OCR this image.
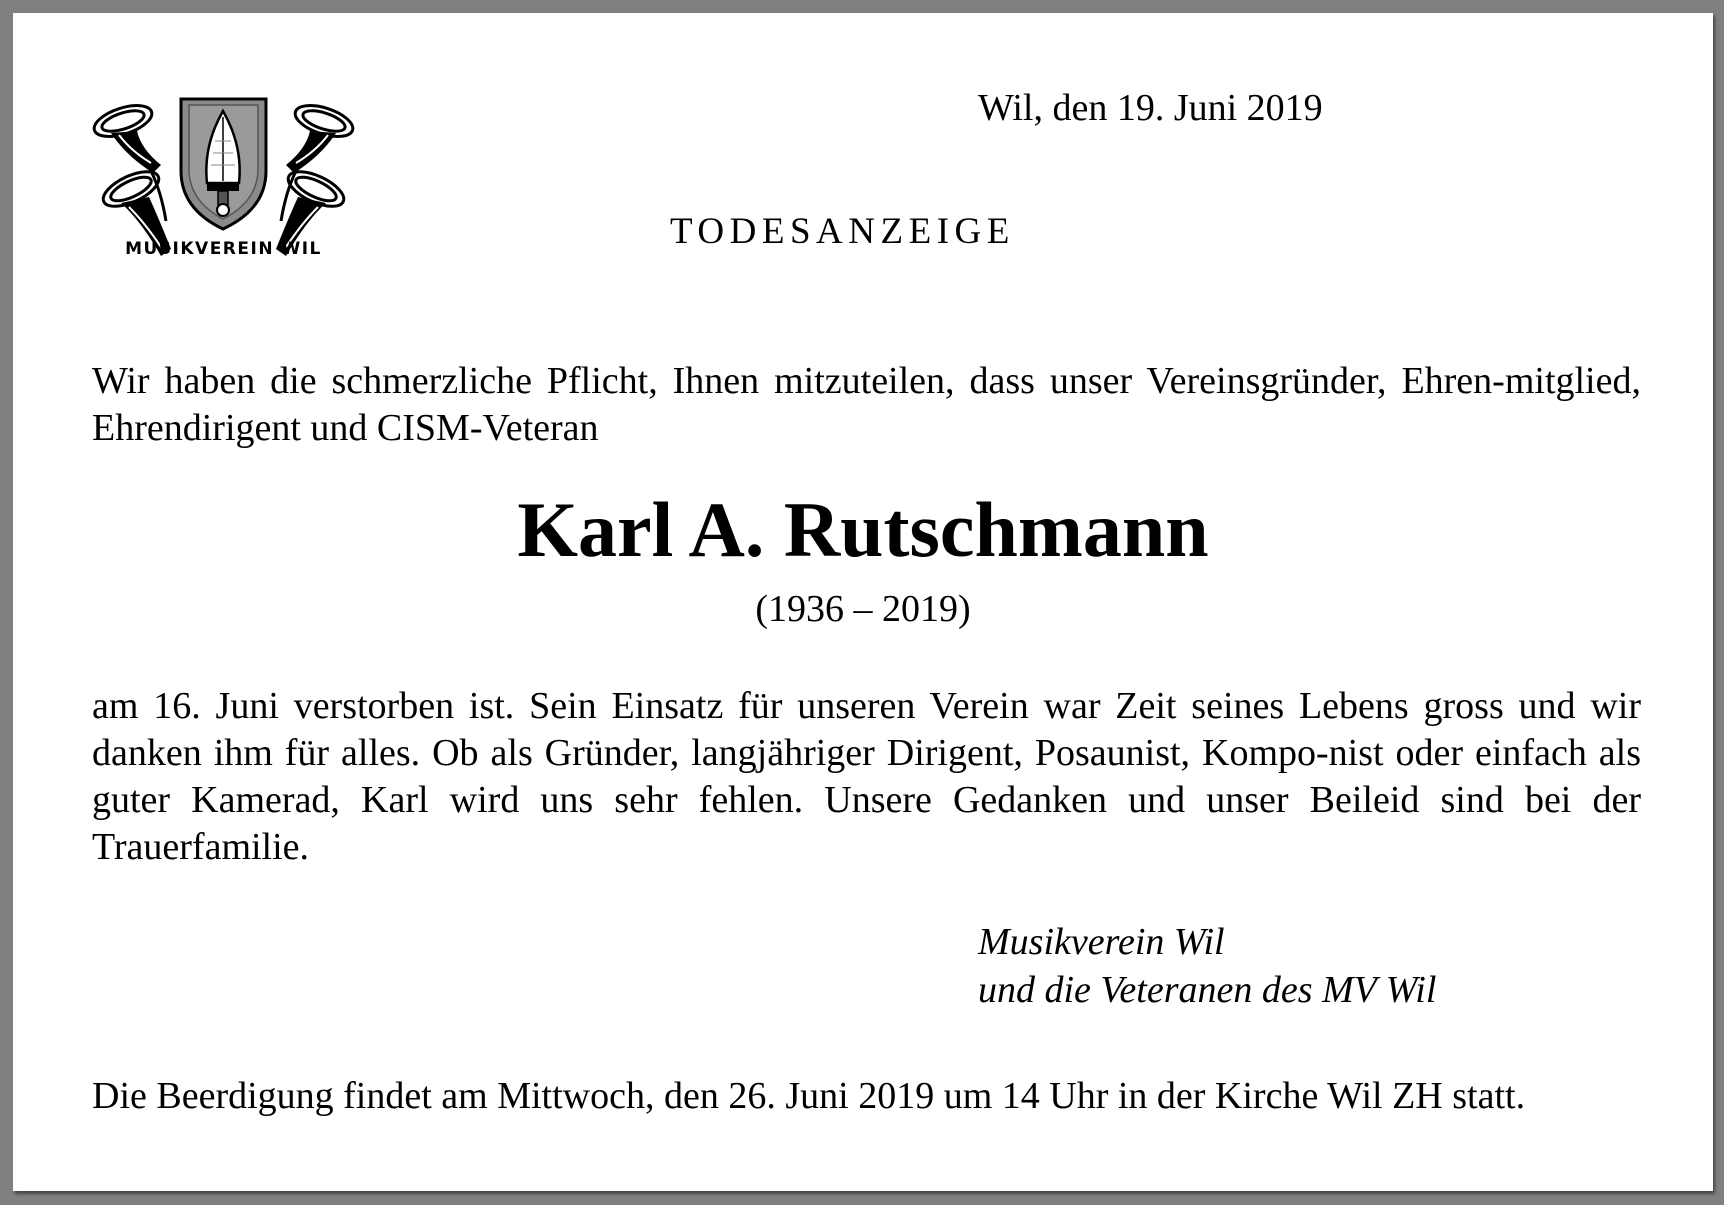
MUSIKVEREIN WIL
Wil, den 19. Juni 2019
TODESANZEIGE

Wir haben die schmerzliche Pflicht, Ihnen mitzuteilen, dass unser Vereinsgründer, Ehren-mitglied, Ehrendirigent und CISM-Veteran

Karl A. Rutschmann
(1936 – 2019)

am 16. Juni verstorben ist. Sein Einsatz für unseren Verein war Zeit seines Lebens gross und wir danken ihm für alles. Ob als Gründer, langjähriger Dirigent, Posaunist, Kompo-nist oder einfach als guter Kamerad, Karl wird uns sehr fehlen. Unsere Gedanken und unser Beileid sind bei der Trauerfamilie.

Musikverein Wil
und die Veteranen des MV Wil
Die Beerdigung findet am Mittwoch, den 26. Juni 2019 um 14 Uhr in der Kirche Wil ZH statt.
